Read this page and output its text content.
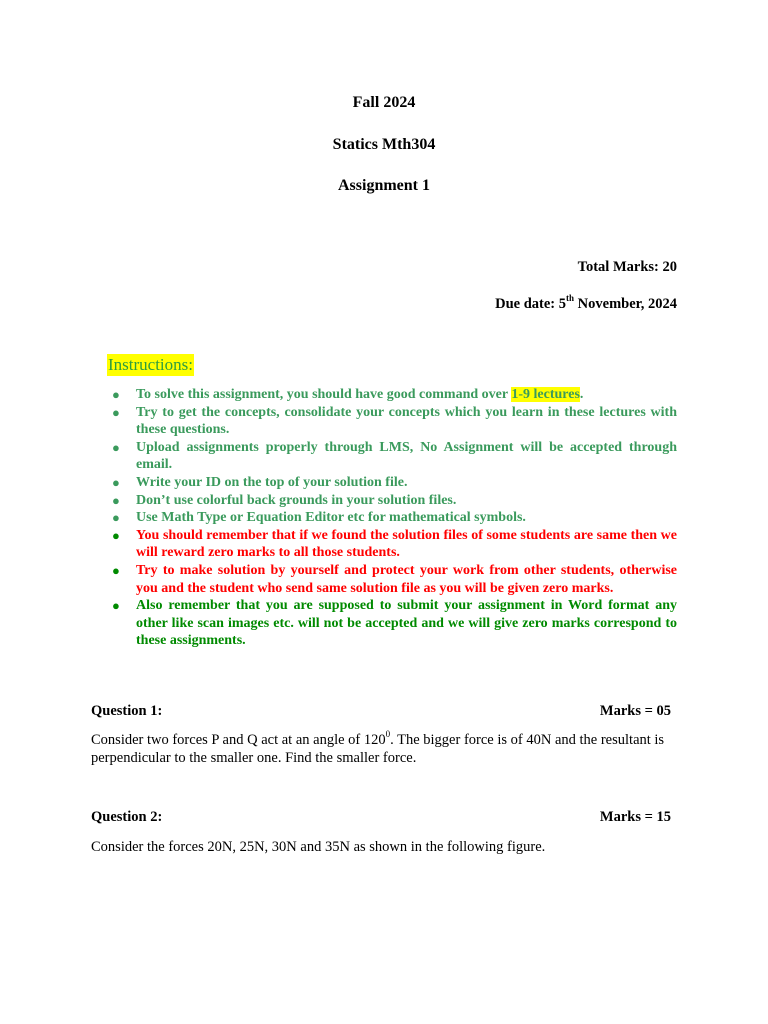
Fall 2024
Statics Mth304
Assignment 1
Total Marks: 20
Due date: 5th November, 2024
Instructions:
● To solve this assignment, you should have good command over 1-9 lectures.
● Try to get the concepts, consolidate your concepts which you learn in these lectures with these questions.
● Upload assignments properly through LMS, No Assignment will be accepted through email.
● Write your ID on the top of your solution file.
● Don’t use colorful back grounds in your solution files.
● Use Math Type or Equation Editor etc for mathematical symbols.
● You should remember that if we found the solution files of some students are same then we will reward zero marks to all those students.
● Try to make solution by yourself and protect your work from other students, otherwise you and the student who send same solution file as you will be given zero marks.
● Also remember that you are supposed to submit your assignment in Word format any other like scan images etc. will not be accepted and we will give zero marks correspond to these assignments.
Question 1:	Marks = 05
Consider two forces P and Q act at an angle of $120^0$. The bigger force is of 40N and the resultant is perpendicular to the smaller one. Find the smaller force.
Question 2:	Marks = 15
Consider the forces 20N, 25N, 30N and 35N as shown in the following figure.
